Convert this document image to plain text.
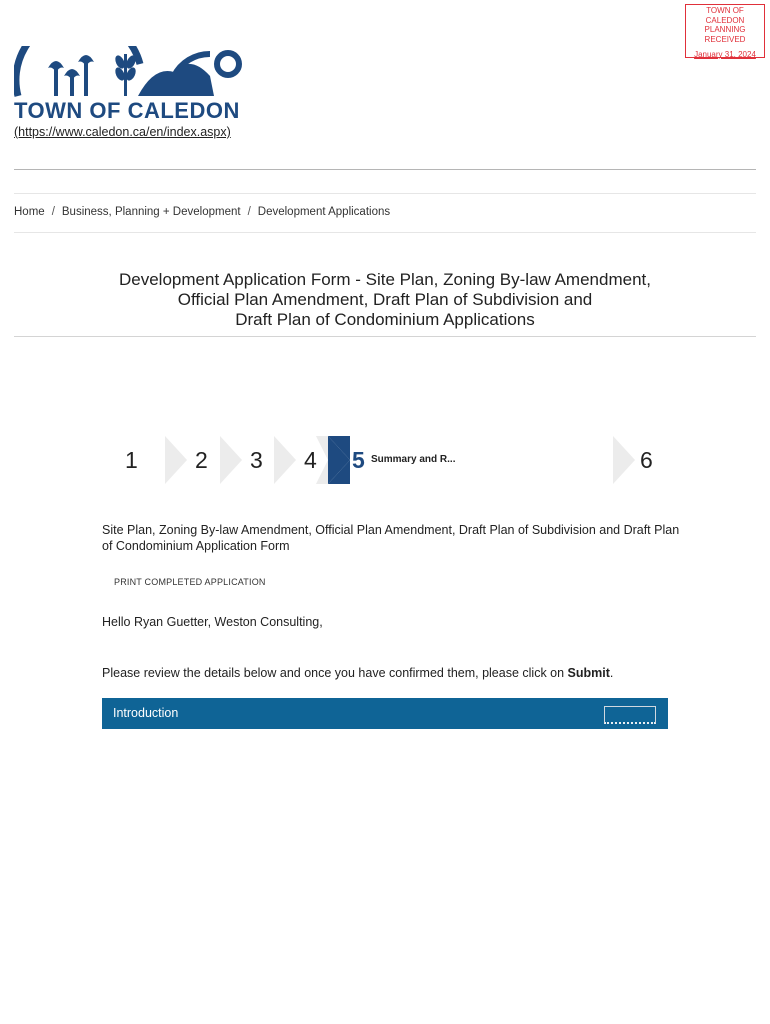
TOWN OF CALEDON
PLANNING
RECEIVED
January 31, 2024
TOWN OF CALEDON
(https://www.caledon.ca/en/index.aspx)
Home / Business, Planning + Development / Development Applications
Development Application Form - Site Plan, Zoning By-law Amendment,
Official Plan Amendment, Draft Plan of Subdivision and
Draft Plan of Condominium Applications
1 2 3 4 5 Summary and R...	6
Site Plan, Zoning By-law Amendment, Official Plan Amendment, Draft Plan of Subdivision and Draft Plan of Condominium Application Form
PRINT COMPLETED APPLICATION
Hello Ryan Guetter, Weston Consulting,
Please review the details below and once you have confirmed them, please click on Submit.
Introduction
